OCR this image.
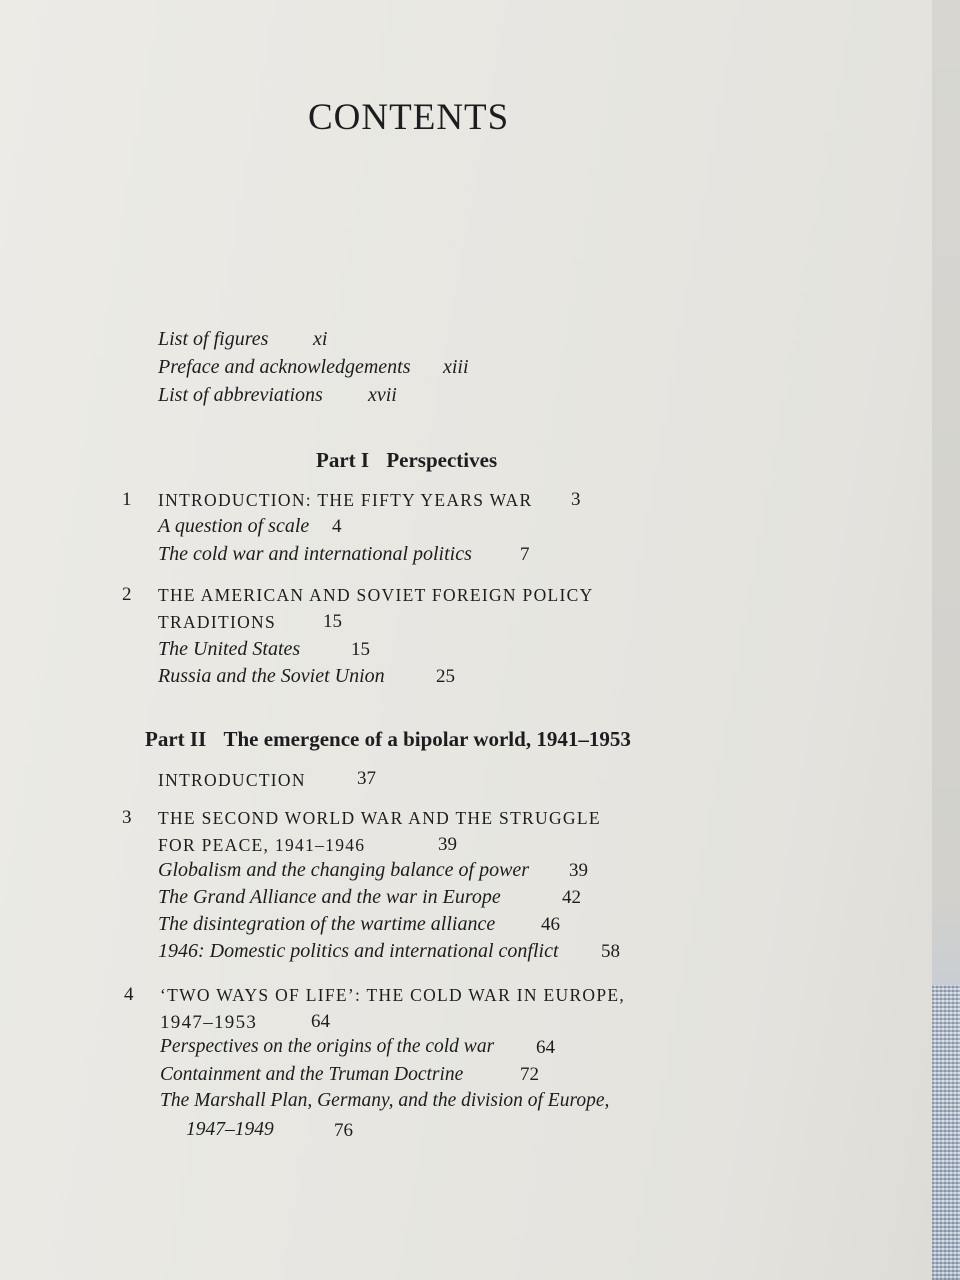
CONTENTS
List of figures xi
Preface and acknowledgements xiii
List of abbreviations xvii
Part I Perspectives
1 INTRODUCTION: THE FIFTY YEARS WAR 3
A question of scale 4
The cold war and international politics	7
2 THE AMERICAN AND SOVIET FOREIGN POLICY
TRADITIONS 15
The United States	15
Russia and the Soviet Union	25
Part II The emergence of a bipolar world, 1941–1953
INTRODUCTION	37
3 THE SECOND WORLD WAR AND THE STRUGGLE
FOR PEACE, 1941–1946	39
Globalism and the changing balance of power 39
The Grand Alliance and the war in Europe	42
The disintegration of the wartime alliance 46
1946: Domestic politics and international conflict 58
4 ‘TWO WAYS OF LIFE’: THE COLD WAR IN EUROPE,
1947–1953	64
Perspectives on the origins of the cold war 64
Containment and the Truman Doctrine	72
The Marshall Plan, Germany, and the division of Europe,
1947–1949	76
